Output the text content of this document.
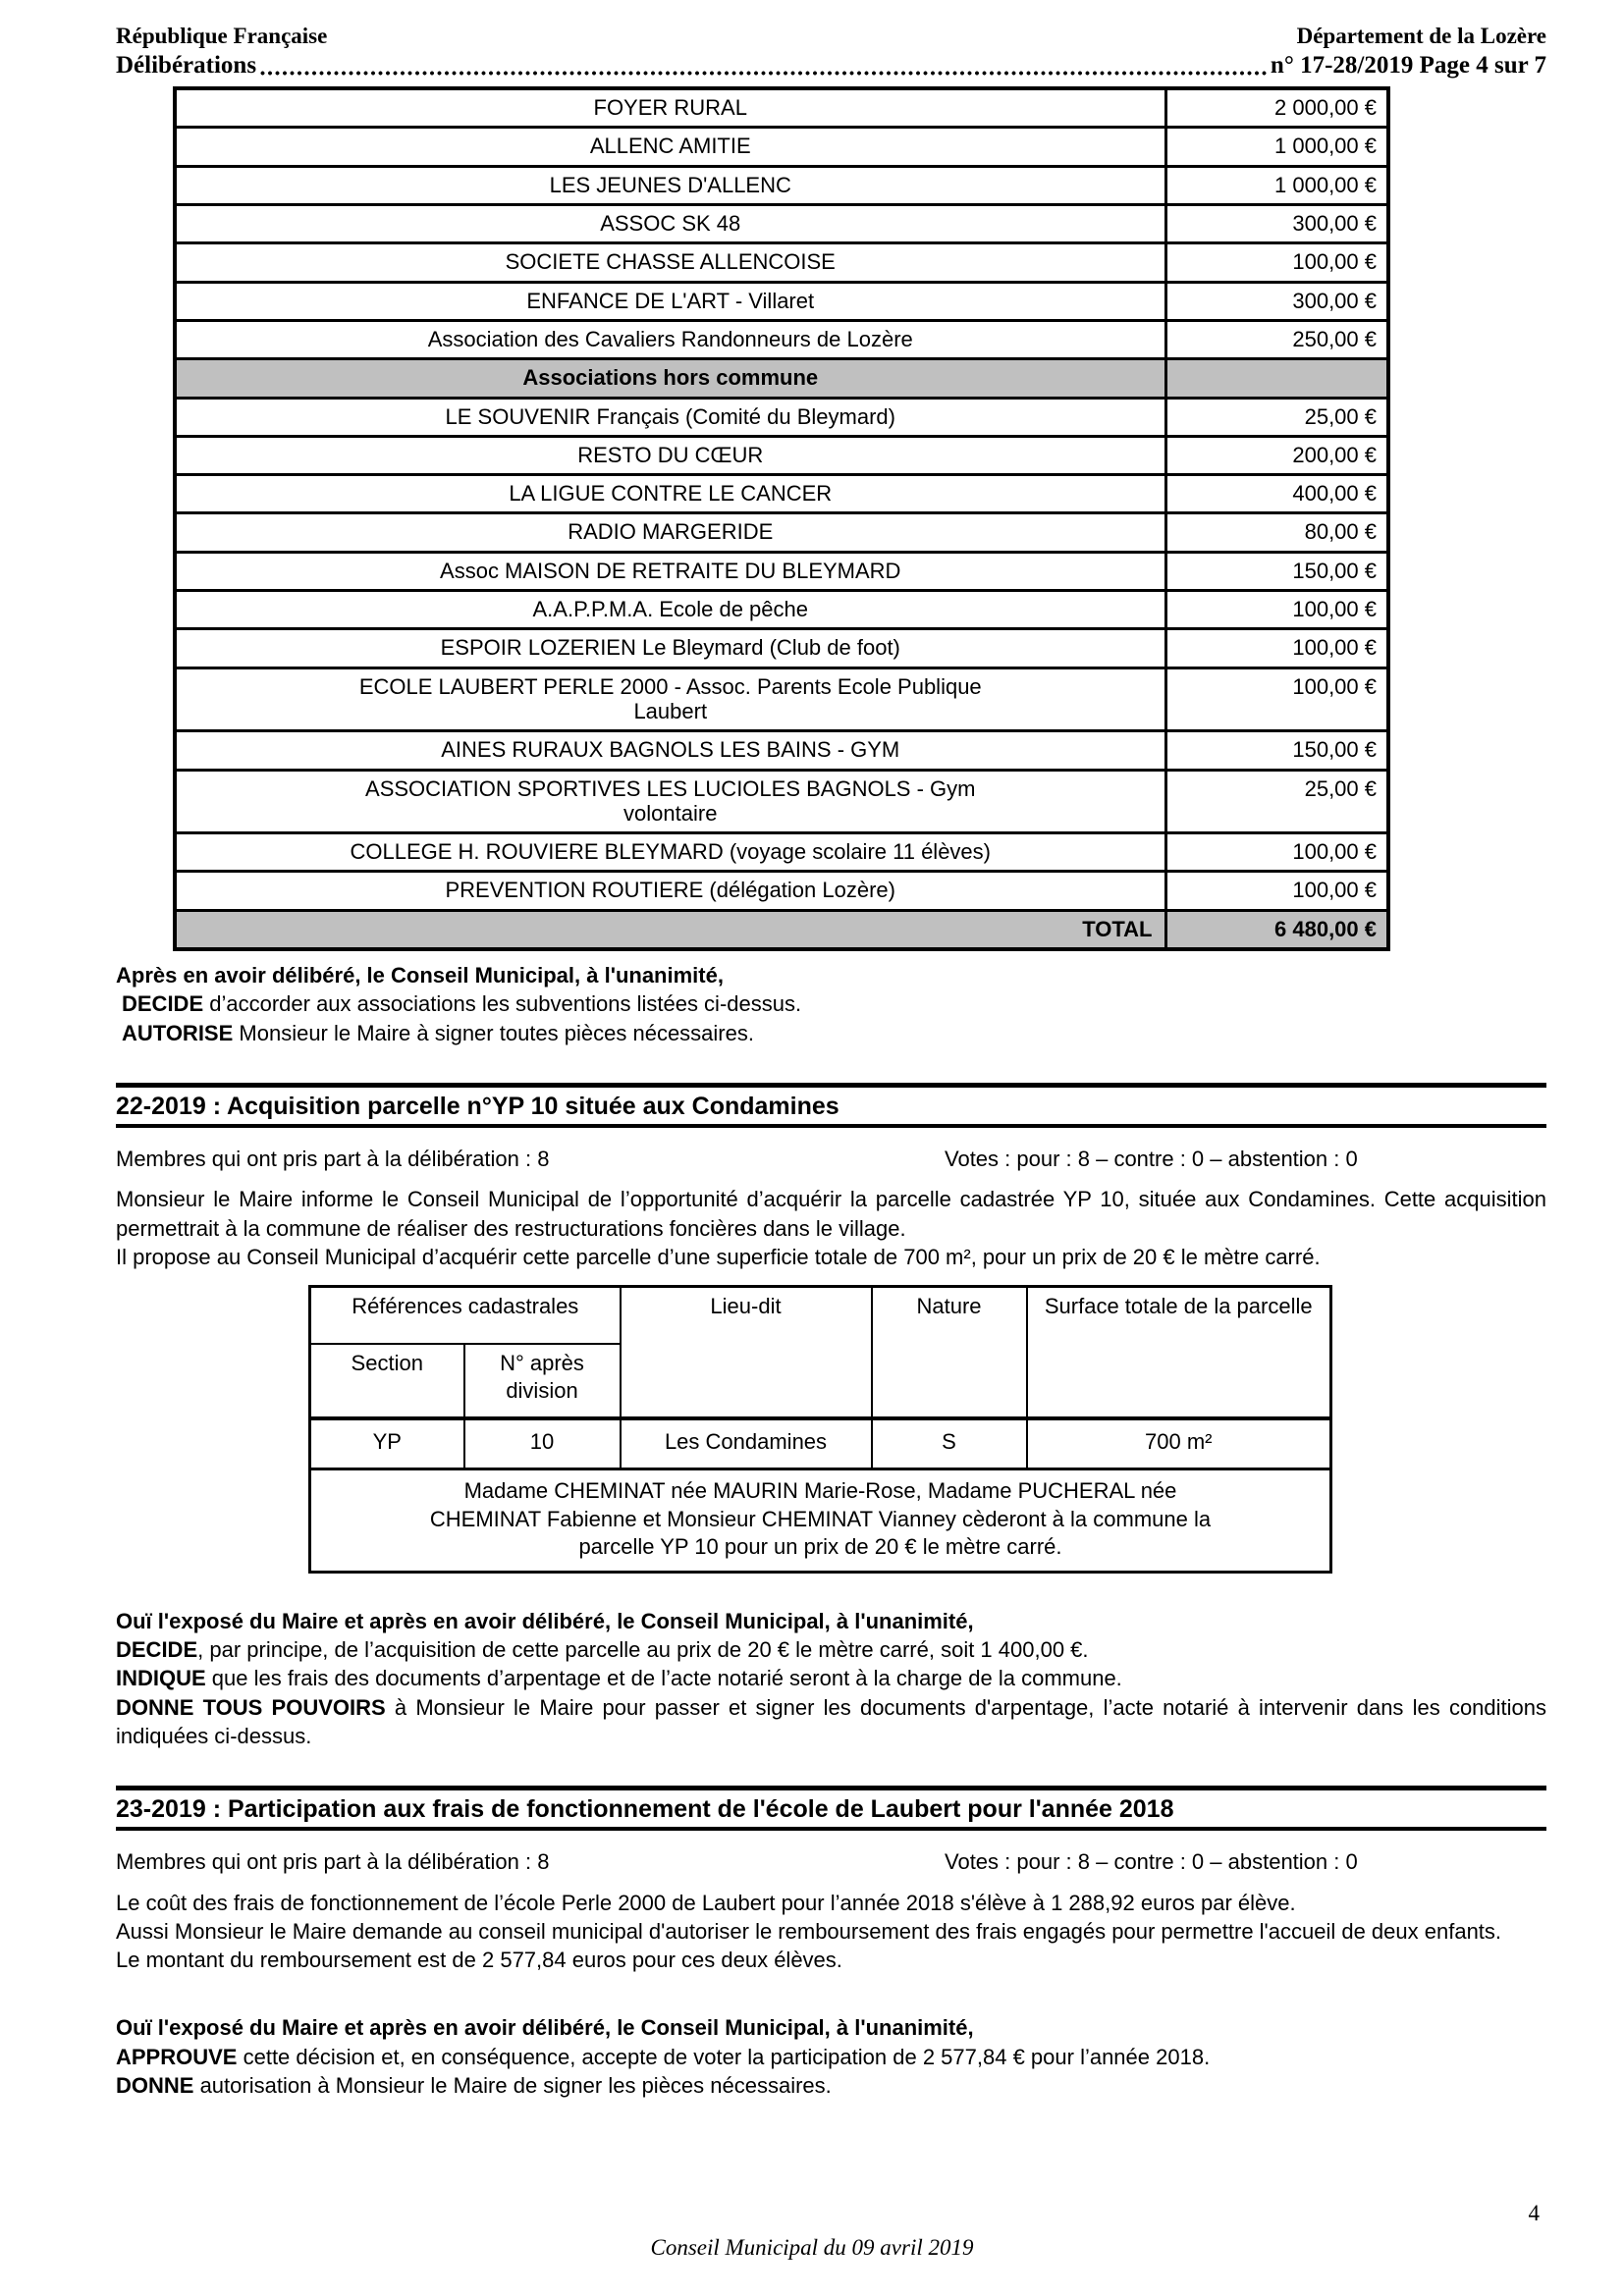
République Française	Département de la Lozère
Délibérations	n° 17-28/2019 Page 4 sur 7
FOYER RURAL	2 000,00 €

ALLENC AMITIE	1 000,00 €

LES JEUNES D'ALLENC	1 000,00 €

ASSOC SK 48	300,00 €

SOCIETE CHASSE ALLENCOISE	100,00 €

ENFANCE DE L'ART - Villaret	300,00 €

Association des Cavaliers Randonneurs de Lozère	250,00 €
Associations hors commune	

LE SOUVENIR Français (Comité du Bleymard)	25,00 €

RESTO DU CŒUR	200,00 €

LA LIGUE CONTRE LE CANCER	400,00 €

RADIO MARGERIDE	80,00 €

Assoc MAISON DE RETRAITE DU BLEYMARD	150,00 €

A.A.P.P.M.A. Ecole de pêche	100,00 €

ESPOIR LOZERIEN Le Bleymard (Club de foot)	100,00 €

ECOLE LAUBERT PERLE 2000 - Assoc. Parents Ecole Publique
Laubert	100,00 €

AINES RURAUX BAGNOLS LES BAINS - GYM	150,00 €

ASSOCIATION SPORTIVES LES LUCIOLES BAGNOLS - Gym
volontaire	25,00 €

COLLEGE H. ROUVIERE BLEYMARD (voyage scolaire 11 élèves)	100,00 €

PREVENTION ROUTIERE (délégation Lozère)	100,00 €
TOTAL	6 480,00 €

Après en avoir délibéré, le Conseil Municipal, à l'unanimité,

DECIDE d’accorder aux associations les subventions listées ci-dessus.

AUTORISE Monsieur le Maire à signer toutes pièces nécessaires.

22-2019 : Acquisition parcelle n°YP 10 située aux Condamines
Membres qui ont pris part à la délibération : 8	Votes : pour : 8 – contre : 0 – abstention : 0

Monsieur le Maire informe le Conseil Municipal de l’opportunité d’acquérir la parcelle cadastrée YP 10, située aux Condamines. Cette acquisition permettrait à la commune de réaliser des restructurations foncières dans le village.

Il propose au Conseil Municipal d’acquérir cette parcelle d’une superficie totale de 700 m², pour un prix de 20 € le mètre carré.

Références cadastrales		Lieu-dit	Nature	Surface totale de la parcelle
Section	N° après division			
YP	10	Les Condamines	S	700 m²

Madame CHEMINAT née MAURIN Marie-Rose, Madame PUCHERAL née
CHEMINAT Fabienne et Monsieur CHEMINAT Vianney cèderont à la commune la
parcelle YP 10 pour un prix de 20 € le mètre carré.				

Ouï l'exposé du Maire et après en avoir délibéré, le Conseil Municipal, à l'unanimité,

DECIDE, par principe, de l’acquisition de cette parcelle au prix de 20 € le mètre carré, soit 1 400,00 €.

INDIQUE que les frais des documents d’arpentage et de l’acte notarié seront à la charge de la commune.

DONNE TOUS POUVOIRS à Monsieur le Maire pour passer et signer les documents d'arpentage, l’acte notarié à intervenir dans les conditions indiquées ci-dessus.

23-2019 : Participation aux frais de fonctionnement de l'école de Laubert pour l'année 2018
Membres qui ont pris part à la délibération : 8	Votes : pour : 8 – contre : 0 – abstention : 0

Le coût des frais de fonctionnement de l’école Perle 2000 de Laubert pour l’année 2018 s'élève à 1 288,92 euros par élève.

Aussi Monsieur le Maire demande au conseil municipal d'autoriser le remboursement des frais engagés pour permettre l'accueil de deux enfants.

Le montant du remboursement est de 2 577,84 euros pour ces deux élèves.

Ouï l'exposé du Maire et après en avoir délibéré, le Conseil Municipal, à l'unanimité,

APPROUVE cette décision et, en conséquence, accepte de voter la participation de 2 577,84 € pour l’année 2018.

DONNE autorisation à Monsieur le Maire de signer les pièces nécessaires.

4
Conseil Municipal du 09 avril 2019
